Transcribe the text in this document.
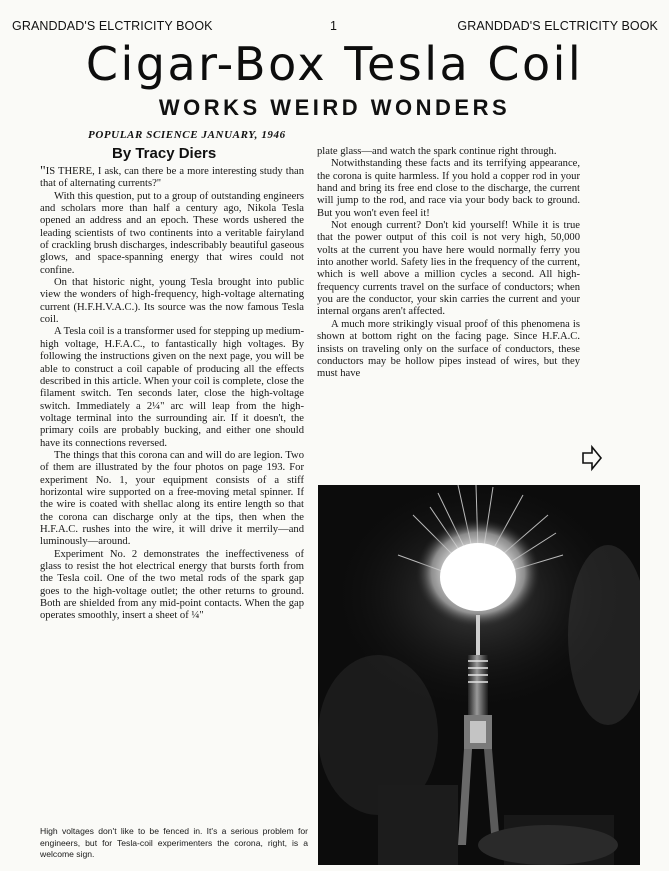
GRANDDAD'S ELCTRICITY BOOK	1	GRANDDAD'S ELCTRICITY BOOK
Cigar-Box Tesla Coil
WORKS WEIRD WONDERS
POPULAR SCIENCE JANUARY, 1946
By Tracy Diers

"IS THERE, I ask, can there be a more interesting study than that of alternating currents?"

With this question, put to a group of outstanding engineers and scholars more than half a century ago, Nikola Tesla opened an address and an epoch. These words ushered the leading scientists of two continents into a veritable fairyland of crackling brush discharges, indescribably beautiful gaseous glows, and space-spanning energy that wires could not confine.

On that historic night, young Tesla brought into public view the wonders of high-frequency, high-voltage alternating current (H.F.H.V.A.C.). Its source was the now famous Tesla coil.

A Tesla coil is a transformer used for stepping up medium-high voltage, H.F.A.C., to fantastically high voltages. By following the instructions given on the next page, you will be able to construct a coil capable of producing all the effects described in this article. When your coil is complete, close the filament switch. Ten seconds later, close the high-voltage switch. Immediately a 2¼" arc will leap from the high-voltage terminal into the surrounding air. If it doesn't, the primary coils are probably bucking, and either one should have its connections reversed.

The things that this corona can and will do are legion. Two of them are illustrated by the four photos on page 193. For experiment No. 1, your equipment consists of a stiff horizontal wire supported on a free-moving metal spinner. If the wire is coated with shellac along its entire length so that the corona can discharge only at the tips, then when the H.F.A.C. rushes into the wire, it will drive it merrily—and luminously—around.

Experiment No. 2 demonstrates the ineffectiveness of glass to resist the hot electrical energy that bursts forth from the Tesla coil. One of the two metal rods of the spark gap goes to the high-voltage outlet; the other returns to ground. Both are shielded from any mid-point contacts. When the gap operates smoothly, insert a sheet of ¼"

plate glass—and watch the spark continue right through.

Notwithstanding these facts and its terrifying appearance, the corona is quite harmless. If you hold a copper rod in your hand and bring its free end close to the discharge, the current will jump to the rod, and race via your body back to ground. But you won't even feel it!

Not enough current? Don't kid yourself! While it is true that the power output of this coil is not very high, 50,000 volts at the current you have here would normally ferry you into another world. Safety lies in the frequency of the current, which is well above a million cycles a second. All high-frequency currents travel on the surface of conductors; when you are the conductor, your skin carries the current and your internal organs aren't affected.

A much more strikingly visual proof of this phenomena is shown at bottom right on the facing page. Since H.F.A.C. insists on traveling only on the surface of conductors, these conductors may be hollow pipes instead of wires, but they must have

High voltages don't like to be fenced in. It's a serious problem for engineers, but for Tesla-coil experimenters the corona, right, is a welcome sign.
